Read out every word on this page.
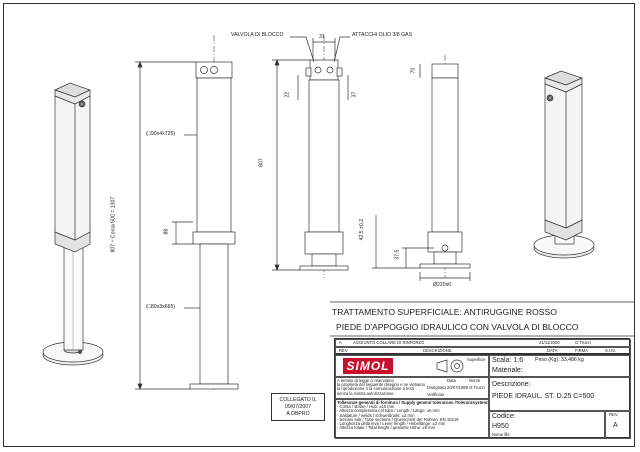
VALVOLA DI BLOCCO	ATTACCHI OLIO 3/8 GAS
31
22	37
807
70
42,5 ±0,2
37,5
Ø220x6
807 ÷ Corsa 500 = 1307
(□90x4x725)
(□80x3x665)
88
TRATTAMENTO SUPERFICIALE: ANTIRUGGINE ROSSO
PIEDE D'APPOGGIO IDRAULICO CON VALVOLA DI BLOCCO
A	AGGIUNTO COLLARE DI RINFORZO	21/11/2000	O.Truzzi
REV	DESCRIZIONE	DATA	FIRMA	S.I.M.
SIMOL	Superficie Scala: 1:6 Peso (Kg): 33,486 kg
Materiale:
A termini di legge ci riserviamo
la proprietà del seguente disegno e ne vietiamo
la riproduzione o la comunicazione a terzi
senza la nostra autorizzazione.
Data	Nome
Disegnato 20/07/1999 O.Truzzi
Verificato
Descrizione:
PIEDE IDRAUL. ST. D.25 C=500
Tolleranze generali di fornitura / Supply general tolerances /Toleranzsystem:
- Corsa / stroke / Hub: ±10 mm
- Altezza complessiva col tubo / Length / Länge: ±5 mm
- Saldature / welds / Schweißnaht: ±2 mm
- Sezioni tubi / Tube sections / Querschnitt der Rohren: EN 10219
- Lunghezza della leva / Lever length / Hebellänge: ±2 mm
- Altezza totale / Total height / gesamte Höhe: ±5 mm
Codice:
H950
Nome file
REV.
A
COLLEGATO IL
09/07/2007
A OBPRO
